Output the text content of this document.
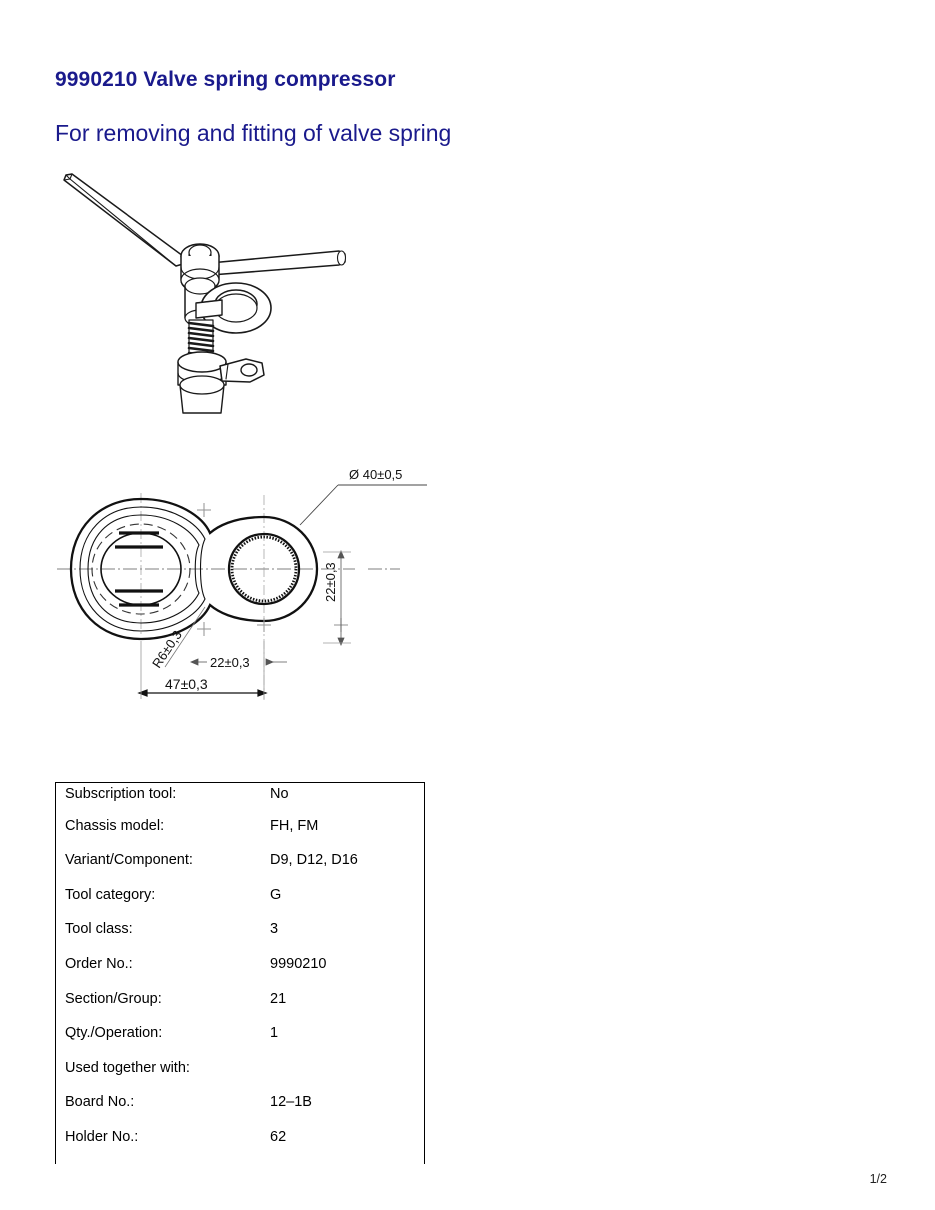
9990210 Valve spring compressor
For removing and fitting of valve spring
Ø 40±0,5
22±0,3
R6±0,3 22±0,3
47±0,3
Subscription tool:	No
Chassis model:	FH, FM
Variant/Component:	D9, D12, D16
Tool category:	G
Tool class:	3
Order No.:	9990210
Section/Group:	21
Qty./Operation:	1
Used together with:
Board No.:	12–1B
Holder No.:	62
1/2
